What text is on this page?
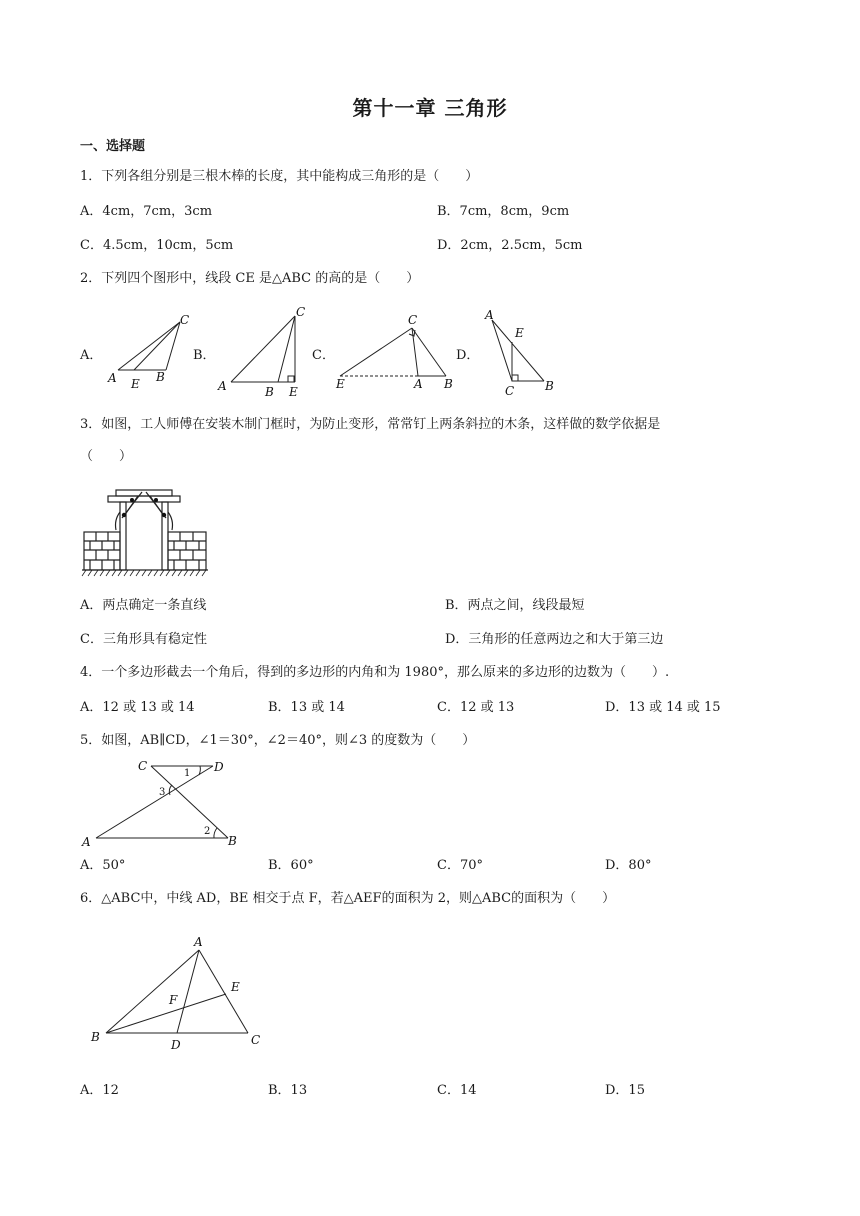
第十一章 三角形
一、选择题
1．下列各组分别是三根木棒的长度，其中能构成三角形的是（　　）
A．4cm，7cm，3cm	B．7cm，8cm，9cm
C．4.5cm，10cm，5cm	D．2cm，2.5cm，5cm
2．下列四个图形中，线段 CE 是△ABC 的高的是（　　）
A．	B．	C．	D．
A E B
C
A	B E
C
E	A B
C	A
E
C	B
3．如图，工人师傅在安装木制门框时，为防止变形，常常钉上两条斜拉的木条，这样做的数学依据是
（　　）
A．两点确定一条直线	B．两点之间，线段最短
C．三角形具有稳定性	D．三角形的任意两边之和大于第三边
4．一个多边形截去一个角后，得到的多边形的内角和为 1980°，那么原来的多边形的边数为（　　）.
A．12 或 13 或 14	B．13 或 14	C．12 或 13	D．13 或 14 或 15
5．如图，AB∥CD，∠1＝30°，∠2＝40°，则∠3 的度数为（　　）
C	D
A	B
1
2
3
A．50°	B．60°	C．70°	D．80°
6．△ABC中，中线 AD，BE 相交于点 F，若△AEF的面积为 2，则△ABC的面积为（　　）
A
B	C
D
E
F
A．12	B．13	C．14	D．15
